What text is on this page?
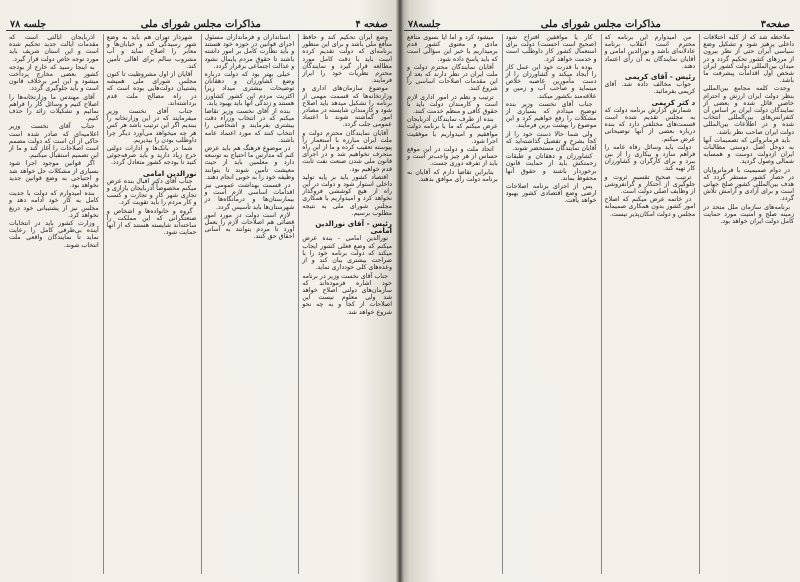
صفحه ۴
مذاکرات مجلس شورای ملی
جلسه ۷۸

وضع ایران تحکیم کند و حافظ منافع ملی باشد و برای این منظور برنامه‌ای که دولت تقدیم کرده است باید با دقت کامل مورد مطالعه قرار گیرد و نمایندگان محترم نظریات خود را ابراز فرمایند.

موضوع سازمان‌های اداری و وزارتخانه‌ها که قسمت مهمی از برنامه را تشکیل میدهد باید اصلاح شود و کارمندان شایسته در مصادر امور گماشته شوند تا اعتماد عمومی جلب گردد.

آقایان نمایندگان محترم دولت و ملت ایران مبارزه با استعمار را پیوسته تعقیب کرده و ما از این راه منحرف نخواهیم شد و در اجرای قانون ملی شدن صنعت نفت ثابت قدم خواهیم بود.

اقتصاد کشور باید بر پایه تولید داخلی استوار شود و دولت در این راه از هیچ کوششی فروگذار نخواهد کرد و امیدواریم با همکاری مجلس شورای ملی به نتیجه مطلوب برسیم.

رئیس - آقای نورالدین امامی

نورالدین امامی - بنده عرض میکنم که وضع فعلی کشور ایجاب میکند که دولت برنامه خود را با صراحت بیشتری بیان کند و از وعده‌های کلی خودداری نماید.

جناب آقای نخست وزیر در برنامه خود اشاره فرموده‌اند که سازمان‌های دولتی اصلاح خواهد شد ولی معلوم نیست این اصلاحات از کجا و به چه نحو شروع خواهد شد.

استانداران و فرمانداران مسئول اجرای قوانین در حوزه خود هستند و باید نظارت کامل بر امور داشته باشند تا حقوق مردم پایمال نشود و عدالت اجتماعی برقرار گردد.

خیلی بهتر بود که دولت درباره وضع کشاورزان و دهقانان توضیحات بیشتری میداد زیرا اکثریت مردم این کشور کشاورز هستند و زندگی آنها باید بهبود یابد.

بنده از آقای نخست وزیر تقاضا میکنم که در انتخاب وزراء دقت بیشتری بفرمایند و اشخاصی را انتخاب کنند که مورد اعتماد عامه باشند.

در موضوع فرهنگ هم باید عرض کنم که مدارس ما احتیاج به توسعه دارد و معلمین باید از حیث معیشت تأمین شوند تا بتوانند وظیفه خود را به خوبی انجام دهند.

در قسمت بهداشت عمومی نیز اقدامات اساسی لازم است و بیمارستان‌ها و درمانگاه‌ها در شهرستان‌ها باید تأسیس گردد.

لازم است دولت در مورد امور قضائی هم اصلاحات لازم را بعمل آورد تا مردم بتوانند به آسانی احقاق حق کنند.

شهردار تهران هم باید به وضع شهر رسیدگی کند و خیابان‌ها و معابر را اصلاح نماید و آب مشروب سالم برای اهالی تأمین کند.

آقایان از اول مشروطیت تا کنون مجلس شورای ملی همیشه پشتیبان دولت‌هایی بوده است که در راه مصالح ملت قدم برداشته‌اند.

جناب آقای نخست وزیر میفرمایند که در این وزارتخانه را ببندیم اگر این ترتیب باشد هر کس هر چه میخواهد می‌آورد دیگر چرا داوطلب بودن را بپذیریم.

شما در بانک‌ها و ادارات دولتی خرج زیاد دارید و باید صرفه‌جوئی کنید تا بودجه کشور متعادل گردد.

نورالدین امامی

جناب آقای دکتر اقبال بنده عرض میکنم مخصوصاً آذربایجان بازاری و تجاری شهر کار و تجارت و کسب و کار مردم را باید تقویت کرد.

گروه و خانواده‌ها و اشخاص و صنعتگرانی که این مملکت را ساخته‌اند شایسته هستند که از آنها حمایت شود.

آذربایجان ایالتی است که مقدمات ایالت جدید تحکیم شده است و این استان شریف باید مورد توجه خاص دولت قرار گیرد.

به اینجا رسید که خارج از بودجه کشور بعضی مخارج پرداخت میشود و این امر برخلاف قانون است و باید جلوگیری گردد.

آقای مهندس ما وزارتخانه‌ها را اصلاح کنیم و وسائل کار را فراهم نمائیم و تشکیلات زائد را حذف کنیم.

جناب آقای نخست وزیر اعلامیه‌ای که صادر شده است حاکی از آن است که دولت مصمم است اصلاحات را آغاز کند و ما از این تصمیم استقبال میکنیم.

اگر قوانین موجود اجرا شود بسیاری از مشکلات حل خواهد شد و احتیاجی به وضع قوانین جدید نخواهد بود.

بنده امیدوارم که دولت با جدیت کامل به کار خود ادامه دهد و مجلس نیز از پشتیبانی خود دریغ نخواهد کرد.

وزارت کشور باید در انتخابات آینده بی‌طرفی کامل را رعایت نماید تا نمایندگان واقعی ملت انتخاب شوند.

صفحه۳
مذاکرات مجلس شورای ملی
جلسه۷۸

ملاحظه شد که از کلیه اختلافات داخلی پرهیز شود و تشکیل وضع سیاسی ایران حتی از نظر بیرون از مرزهای کشور تحکیم گردد و در میدان بین‌المللی دولت کشور ایران شخص اول اقدامات پیشرفت ما باشد.

وحدت کلمه مجامع بین‌المللی بنظر دولت ایران ارزش و احترام خاصی قائل شده و بعضی از نمایندگان دولت ایران بر اساس آن کنفرانس‌های بین‌المللی انتخاب شده و در اطلاعات بین‌المللی دولت ایران صاحب نظر باشد.

باید فرمانروائی که تصمیمات آنها به دوحل اصل دوستی مطالبات ایران ازدولت دوست و همسایه شمالی وصول گردید.

در دوام صمیمیت با فرمانروایان در حصار کشور مستقر گردد که هدف بین‌المللی کشور صلح جهانی است و برای آزادی و آرامش تلاش گردد.

برنامه‌های سازمان ملل متحد در زمینه صلح و امنیت مورد حمایت کامل دولت ایران خواهد بود.

من امیدوارم این برنامه که محترم است انقلاب برنامه عادلانه‌ای باشد و نورالدین امامی و آقایان نمایندگان به آن رأی اعتماد دهند.

رئیس - آقای کریمی

جواب مخالف داده شد. آقای کریمی بفرمائید.

د کتر کریمی

شمارش گزارش برنامه دولت که به مجلس تقدیم شده است قسمت‌های مختلفی دارد که بنده درباره بعضی از آنها توضیحاتی عرض میکنم.

دولت باید وسائل رفاه عامه را فراهم سازد و بیکاری را از بین ببرد و برای کارگران و کشاورزان کار تهیه کند.

ترتیب صحیح تقسیم ثروت و جلوگیری از احتکار و گرانفروشی از وظایف اصلی دولت است.

در خاتمه عرض میکنم که اصلاح امور کشور بدون همکاری صمیمانه مجلس و دولت امکان‌پذیر نیست.

کار یا موافقین اقتراح شود (صحیح است احسنت) دولت برای استعمال کشور کار داوطلب است و خدمت خواهد کرد.

بوده با قدرت خود این عمل کار را ایجاد میکند و کشاورزان را از دست مأمورین غاصبه خلاص مینماید و صاحب آب و زمین و علاقه‌مند بکشور میکند.

جناب آقای نخست وزیر بنده توضیح میدادم که بسیاری از مشکلات را رفع خواهیم کرد و این موضوع را بهشت برین فرمایند.

ولی شما حالا دست خود را از کجا بشرح و تفصیل گذاشته‌اید که آقایان نمایندگان مستحضر شوند.

کشاورزان و دهقانان و طبقات زحمتکش باید از حمایت قانون برخوردار باشند و حقوق آنها محفوظ بماند.

پس از اجرای برنامه اصلاحات ارضی وضع اقتصادی کشور بهبود خواهد یافت.

میشود کرد و اما آیا بسوی منافع مادی و معنوی کشور قدم برمیداریم یا خیر این سؤالی است که باید پاسخ داده شود.

آقایان نمایندگان محترم دولت و ملت ایران در نظر دارند که بعد از این مقدمات اصلاحات اساسی را شروع کنند.

ترتیب و نظم در امور اداری لازم است و کارمندان دولت باید با حقوق کافی و منظم خدمت کنند.

بنده از طرف نمایندگان آذربایجان عرض میکنم که ما با برنامه دولت موافقیم و امیدواریم با موفقیت اجرا شود.

اتحاد ملت و دولت در این موقع حساس از هر چیز واجب‌تر است و باید از تفرقه دوری جست.

بنابراین تقاضا دارم که آقایان به برنامه دولت رأی موافق بدهند.
